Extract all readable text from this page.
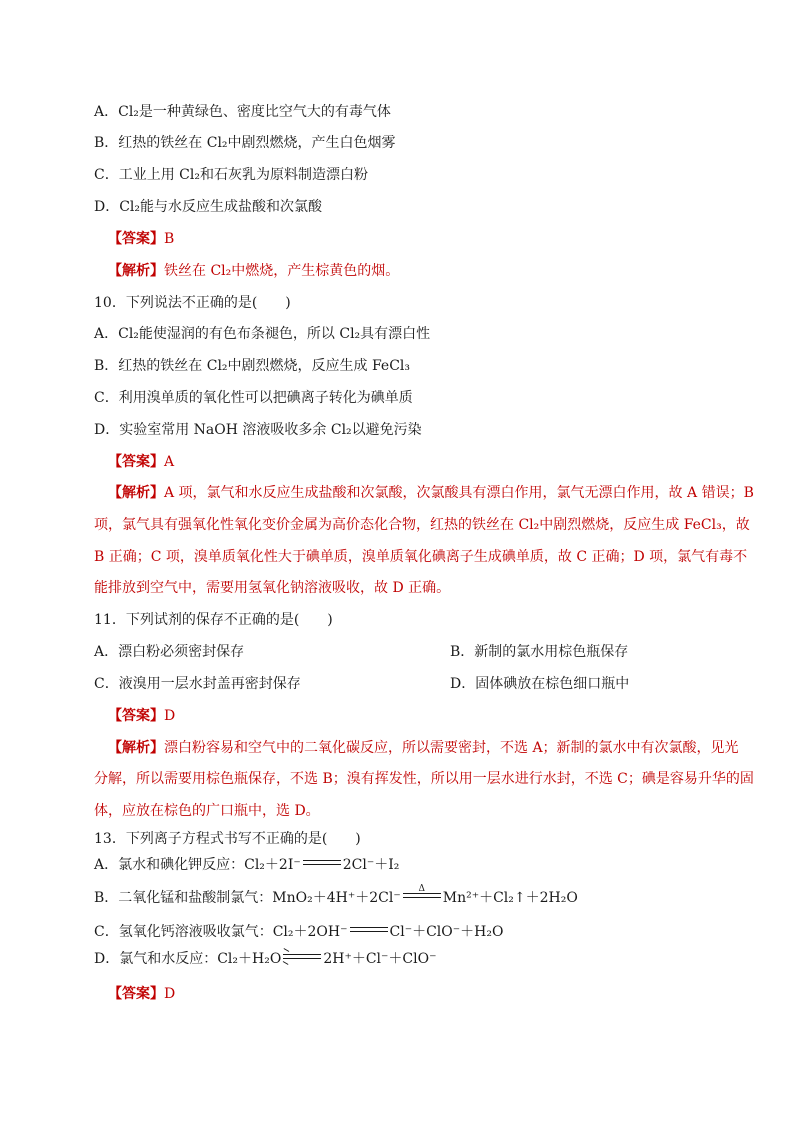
A．Cl₂是一种黄绿色、密度比空气大的有毒气体
B．红热的铁丝在 Cl₂中剧烈燃烧，产生白色烟雾
C．工业上用 Cl₂和石灰乳为原料制造漂白粉
D．Cl₂能与水反应生成盐酸和次氯酸
【答案】B
【解析】铁丝在 Cl₂中燃烧，产生棕黄色的烟。
10．下列说法不正确的是(　　)
A．Cl₂能使湿润的有色布条褪色，所以 Cl₂具有漂白性
B．红热的铁丝在 Cl₂中剧烈燃烧，反应生成 FeCl₃
C．利用溴单质的氧化性可以把碘离子转化为碘单质
D．实验室常用 NaOH 溶液吸收多余 Cl₂以避免污染
【答案】A
【解析】A 项，氯气和水反应生成盐酸和次氯酸，次氯酸具有漂白作用，氯气无漂白作用，故 A 错误；B
项，氯气具有强氧化性氧化变价金属为高价态化合物，红热的铁丝在 Cl₂中剧烈燃烧，反应生成 FeCl₃，故
B 正确；C 项，溴单质氧化性大于碘单质，溴单质氧化碘离子生成碘单质，故 C 正确；D 项，氯气有毒不
能排放到空气中，需要用氢氧化钠溶液吸收，故 D 正确。
11．下列试剂的保存不正确的是(　　)
A．漂白粉必须密封保存	B．新制的氯水用棕色瓶保存
C．液溴用一层水封盖再密封保存	D．固体碘放在棕色细口瓶中
【答案】D
【解析】漂白粉容易和空气中的二氧化碳反应，所以需要密封，不选 A；新制的氯水中有次氯酸，见光
分解，所以需要用棕色瓶保存，不选 B；溴有挥发性，所以用一层水进行水封，不选 C；碘是容易升华的固
体，应放在棕色的广口瓶中，选 D。
13．下列离子方程式书写不正确的是(　　)
A．氯水和碘化钾反应：Cl₂＋2I⁻	2Cl⁻＋I₂
B．二氧化锰和盐酸制氯气：MnO₂＋4H⁺＋2Cl⁻
Δ
Mn²⁺＋Cl₂↑＋2H₂O
C．氢氧化钙溶液吸收氯气：Cl₂＋2OH⁻	Cl⁻＋ClO⁻＋H₂O
D．氯气和水反应：Cl₂＋H₂O	2H⁺＋Cl⁻＋ClO⁻
【答案】D
